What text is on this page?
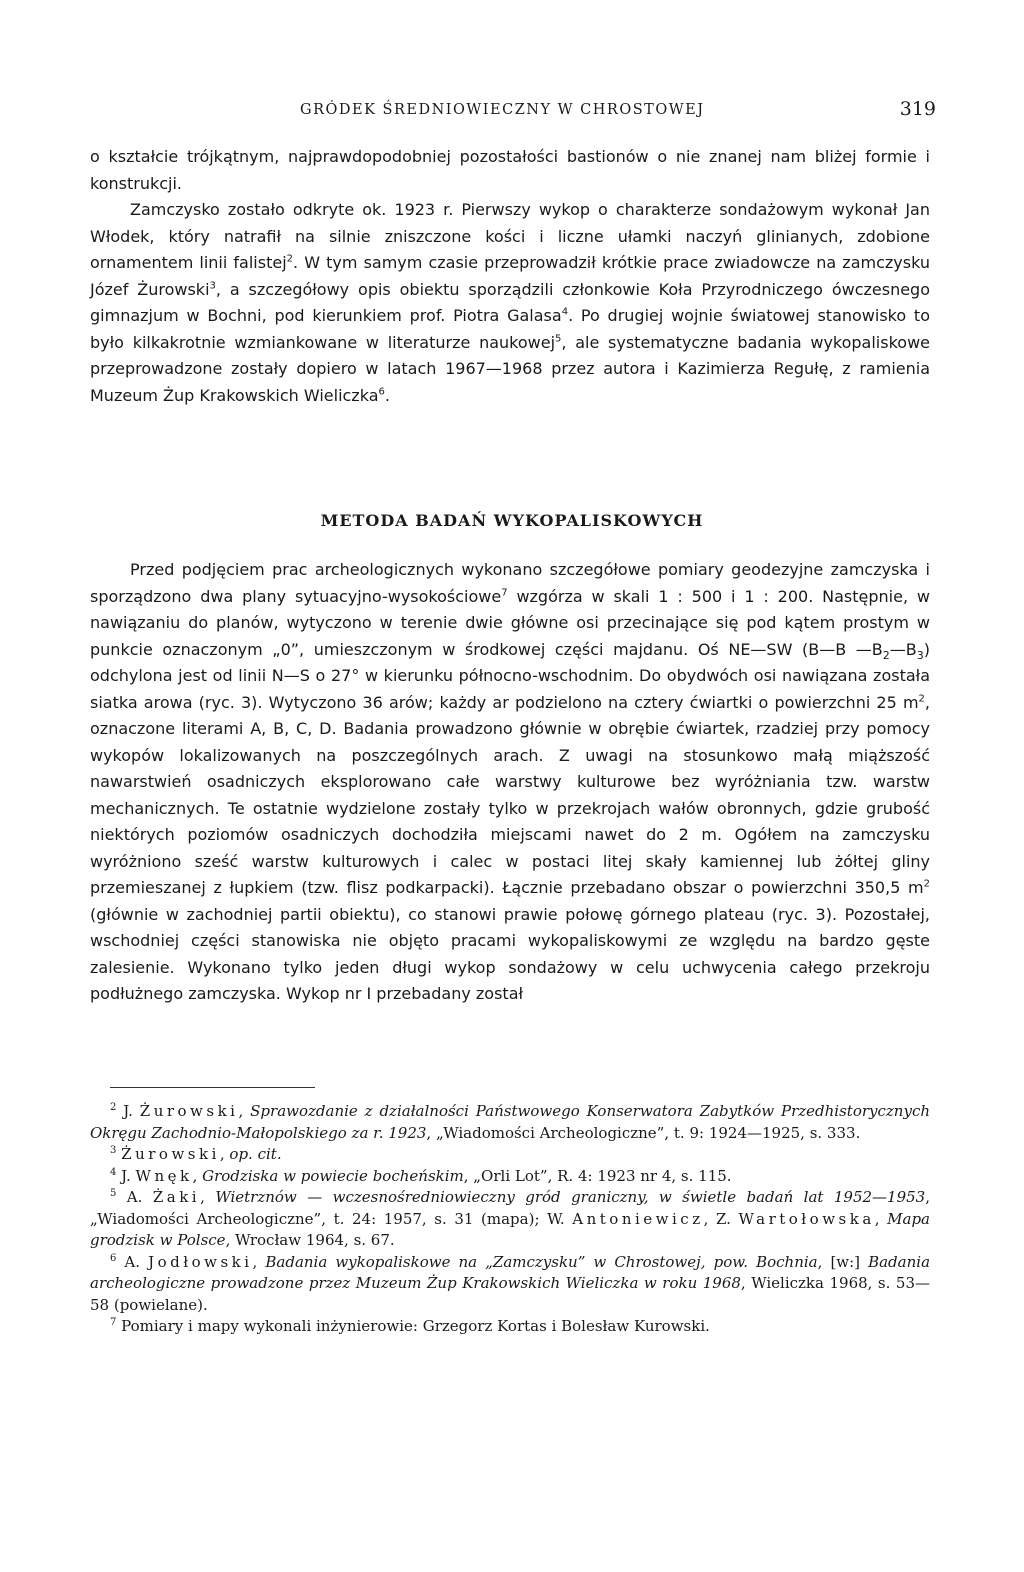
GRÓDEK ŚREDNIOWIECZNY W CHROSTOWEJ	319

o kształcie trójkątnym, najprawdopodobniej pozostałości bastionów o nie znanej nam bliżej formie i konstrukcji.

Zamczysko zostało odkryte ok. 1923 r. Pierwszy wykop o charakterze sondażowym wykonał Jan Włodek, który natrafił na silnie zniszczone kości i liczne ułamki naczyń glinianych, zdobione ornamentem linii falistej$^2$. W tym samym czasie przeprowadził krótkie prace zwiadowcze na zamczysku Józef Żurowski$^3$, a szczegółowy opis obiektu sporządzili członkowie Koła Przyrodniczego ówczesnego gimnazjum w Bochni, pod kierunkiem prof. Piotra Galasa$^4$. Po drugiej wojnie światowej stanowisko to było kilkakrotnie wzmiankowane w literaturze naukowej$^5$, ale systematyczne badania wykopaliskowe przeprowadzone zostały dopiero w latach 1967—1968 przez autora i Kazimierza Regułę, z ramienia Muzeum Żup Krakowskich Wieliczka$^6$.

METODA BADAŃ WYKOPALISKOWYCH

Przed podjęciem prac archeologicznych wykonano szczegółowe pomiary geodezyjne zamczyska i sporządzono dwa plany sytuacyjno-wysokościowe$^7$ wzgórza w skali 1 : 500 i 1 : 200. Następnie, w nawiązaniu do planów, wytyczono w terenie dwie główne osi przecinające się pod kątem prostym w punkcie oznaczonym „0”, umieszczonym w środkowej części majdanu. Oś NE—SW (B—B $—B_2—B_3$) odchylona jest od linii N—S o 27° w kierunku północno-wschodnim. Do obydwóch osi nawiązana została siatka arowa (ryc. 3). Wytyczono 36 arów; każdy ar podzielono na cztery ćwiartki o powierzchni 25 $m^2$, oznaczone literami A, B, C, D. Badania prowadzono głównie w obrębie ćwiartek, rzadziej przy pomocy wykopów lokalizowanych na poszczególnych arach. Z uwagi na stosunkowo małą miąższość nawarstwień osadniczych eksplorowano całe warstwy kulturowe bez wyróżniania tzw. warstw mechanicznych. Te ostatnie wydzielone zostały tylko w przekrojach wałów obronnych, gdzie grubość niektórych poziomów osadniczych dochodziła miejscami nawet do 2 m. Ogółem na zamczysku wyróżniono sześć warstw kulturowych i calec w postaci litej skały kamiennej lub żółtej gliny przemieszanej z łupkiem (tzw. flisz podkarpacki). Łącznie przebadano obszar o powierzchni 350,5 $m^2$ (głównie w zachodniej partii obiektu), co stanowi prawie połowę górnego plateau (ryc. 3). Pozostałej, wschodniej części stanowiska nie objęto pracami wykopaliskowymi ze względu na bardzo gęste zalesienie. Wykonano tylko jeden długi wykop sondażowy w celu uchwycenia całego przekroju podłużnego zamczyska. Wykop nr I przebadany został

$^2$ J. Żurowski, Sprawozdanie z działalności Państwowego Konserwatora Zabytków Przedhistorycznych Okręgu Zachodnio-Małopolskiego za r. 1923, „Wiadomości Archeologiczne”, t. 9: 1924—1925, s. 333.

$^3$ Żurowski, op. cit.

$^4$ J. Wnęk, Grodziska w powiecie bocheńskim, „Orli Lot”, R. 4: 1923 nr 4, s. 115.

$^5$ A. Żaki, Wietrznów — wczesnośredniowieczny gród graniczny, w świetle badań lat 1952—1953, „Wiadomości Archeologiczne”, t. 24: 1957, s. 31 (mapa); W. Antoniewicz, Z. Wartołowska, Mapa grodzisk w Polsce, Wrocław 1964, s. 67.

$^6$ A. Jodłowski, Badania wykopaliskowe na „Zamczysku” w Chrostowej, pow. Bochnia, [w:] Badania archeologiczne prowadzone przez Muzeum Żup Krakowskich Wieliczka w roku 1968, Wieliczka 1968, s. 53—58 (powielane).

$^7$ Pomiary i mapy wykonali inżynierowie: Grzegorz Kortas i Bolesław Kurowski.
